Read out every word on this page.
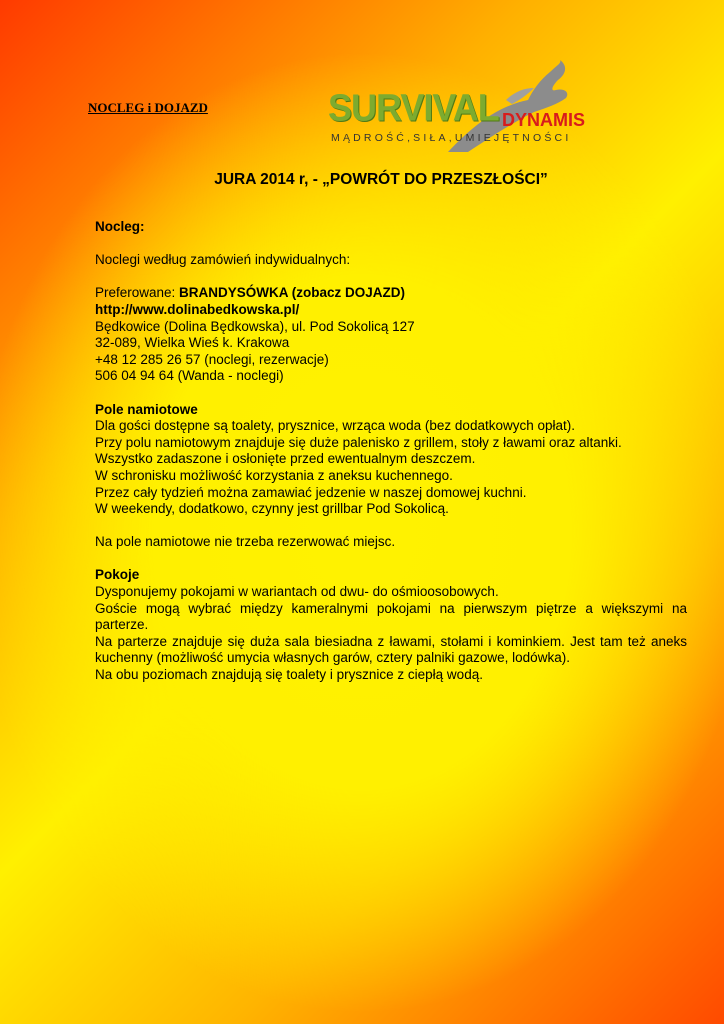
NOCLEG i DOJAZD	SURVIVAL DYNAMIS
MĄDROŚĆ,SIŁA,UMIEJĘTNOŚCI
JURA 2014 r, - „POWRÓT DO PRZESZŁOŚCI”
Nocleg:
Noclegi według zamówień indywidualnych:
Preferowane: BRANDYSÓWKA (zobacz DOJAZD)
http://www.dolinabedkowska.pl/
Będkowice (Dolina Będkowska), ul. Pod Sokolicą 127
32-089, Wielka Wieś k. Krakowa
+48 12 285 26 57 (noclegi, rezerwacje)
506 04 94 64 (Wanda - noclegi)
Pole namiotowe
Dla gości dostępne są toalety, prysznice, wrząca woda (bez dodatkowych opłat).
Przy polu namiotowym znajduje się duże palenisko z grillem, stoły z ławami oraz altanki.
Wszystko zadaszone i osłonięte przed ewentualnym deszczem.
W schronisku możliwość korzystania z aneksu kuchennego.
Przez cały tydzień można zamawiać jedzenie w naszej domowej kuchni.
W weekendy, dodatkowo, czynny jest grillbar Pod Sokolicą.
Na pole namiotowe nie trzeba rezerwować miejsc.
Pokoje
Dysponujemy pokojami w wariantach od dwu- do ośmioosobowych.
Goście mogą wybrać między kameralnymi pokojami na pierwszym piętrze a większymi na parterze.
Na parterze znajduje się duża sala biesiadna z ławami, stołami i kominkiem. Jest tam też aneks kuchenny (możliwość umycia własnych garów, cztery palniki gazowe, lodówka).
Na obu poziomach znajdują się toalety i prysznice z ciepłą wodą.
